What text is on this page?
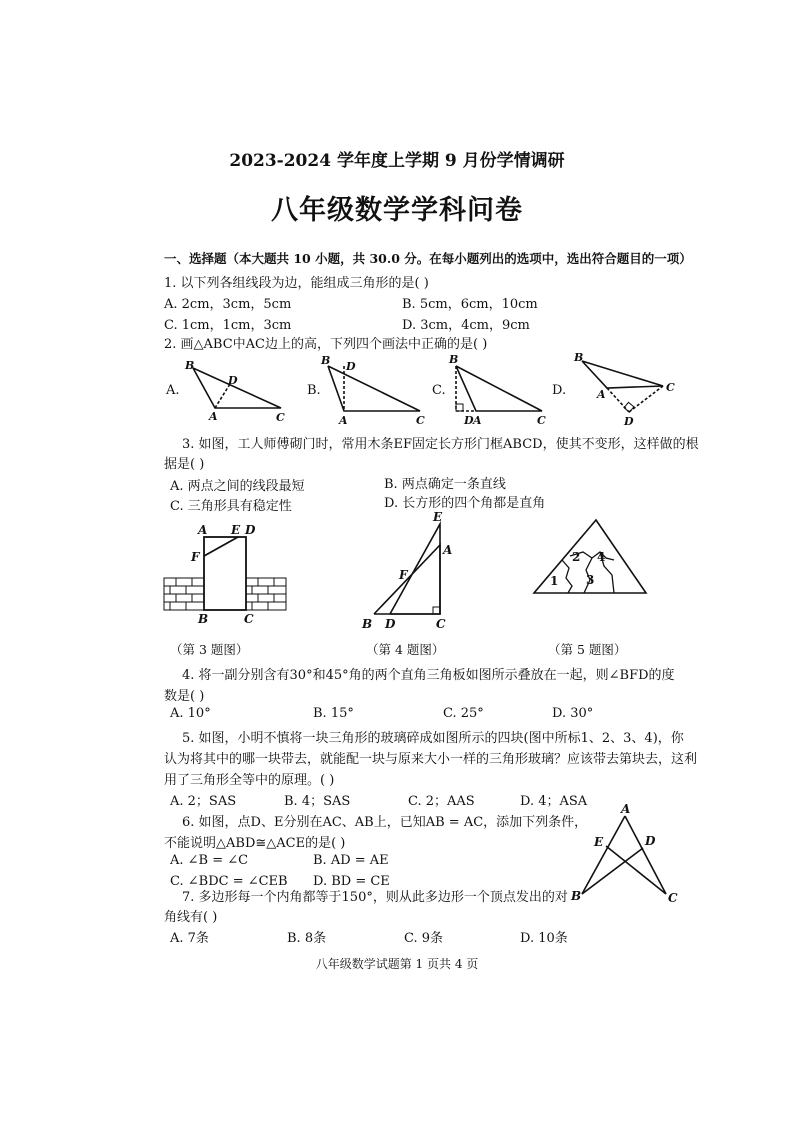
2023-2024 学年度上学期 9 月份学情调研
八年级数学学科问卷
一、选择题（本大题共 10 小题，共 30.0 分。在每小题列出的选项中，选出符合题目的一项）
1. 以下列各组线段为边，能组成三角形的是( )
A. 2cm，3cm，5cm	B. 5cm，6cm，10cm
C. 1cm，1cm，3cm	D. 3cm，4cm，9cm
2. 画△ABC中AC边上的高，下列四个画法中正确的是( )
A.	B.	C.	D.
B
D
A	C
B D
A	C
B
D A	C
B
A
C
D
3. 如图，工人师傅砌门时，常用木条EF固定长方形门框ABCD，使其不变形，这样做的根
据是( )
A. 两点之间的线段最短	B. 两点确定一条直线
C. 三角形具有稳定性	D. 长方形的四个角都是直角
A E D
F
B	C
E
A
F
B D	C
1
2
3
4
（第 3 题图）	（第 4 题图）	（第 5 题图）
4. 将一副分别含有30°和45°角的两个直角三角板如图所示叠放在一起，则∠BFD的度
数是( )
A. 10°	B. 15°	C. 25°	D. 30°
5. 如图，小明不慎将一块三角形的玻璃碎成如图所示的四块(图中所标1、2、3、4)，你
认为将其中的哪一块带去，就能配一块与原来大小一样的三角形玻璃？应该带去第块去，这利
用了三角形全等中的原理。( )
A. 2；SAS	B. 4；SAS	C. 2；AAS	D. 4；ASA
6. 如图，点D、E分别在AC、AB上，已知AB = AC，添加下列条件，
不能说明△ABD≅△ACE的是( )
A. ∠B = ∠C	B. AD = AE
C. ∠BDC = ∠CEB D. BD = CE
A
E	D
B	C
7. 多边形每一个内角都等于150°，则从此多边形一个顶点发出的对
角线有( )
A. 7条	B. 8条	C. 9条	D. 10条
八年级数学试题第 1 页共 4 页
